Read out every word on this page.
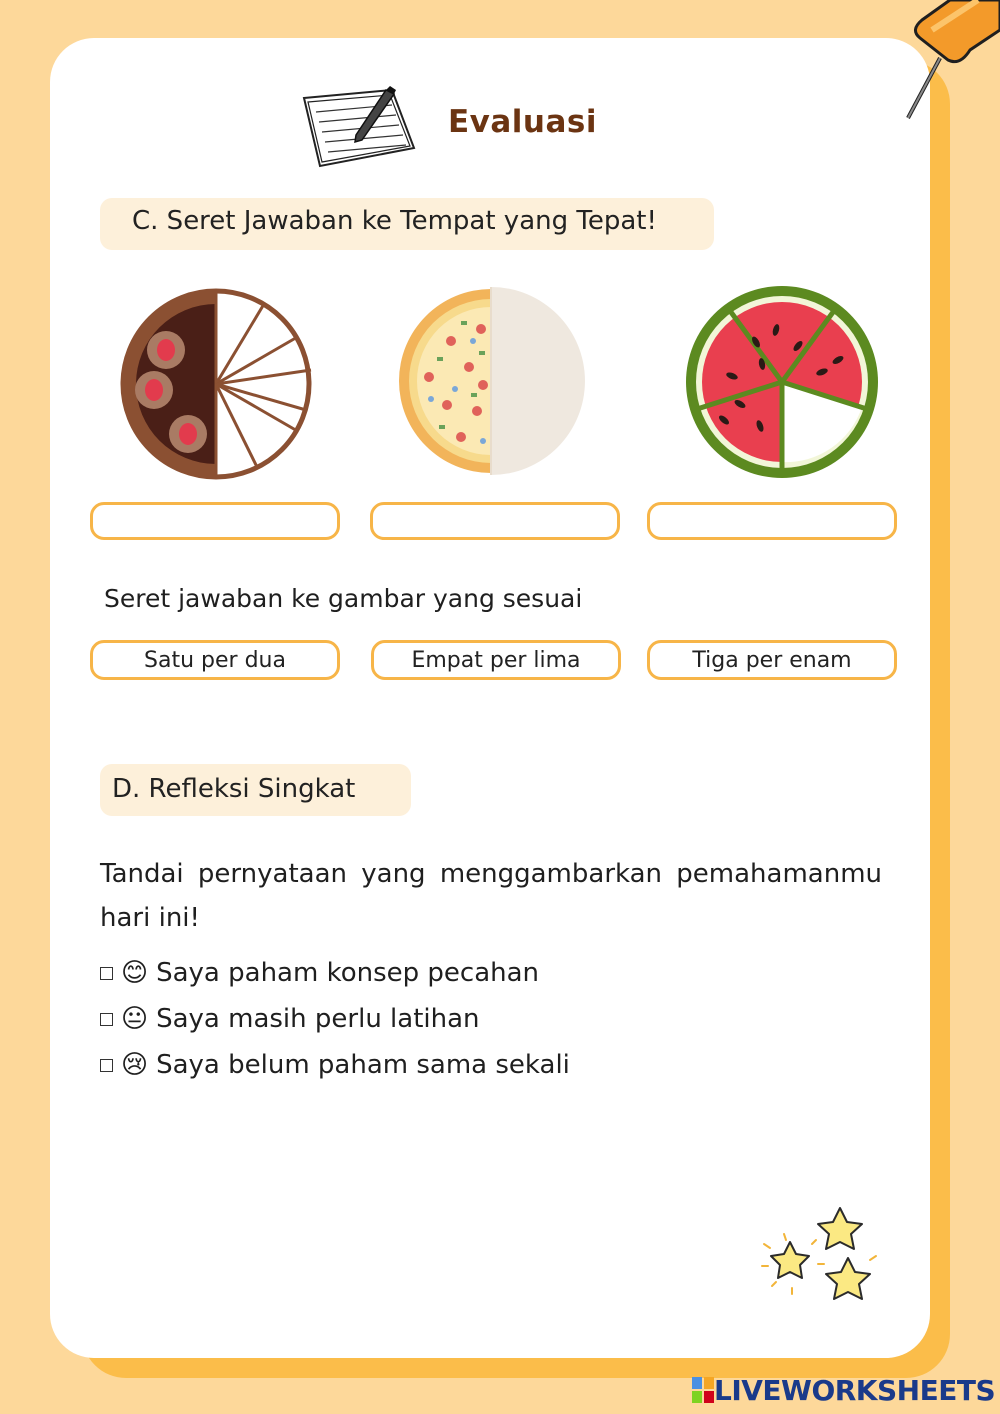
Evaluasi
C. Seret Jawaban ke Tempat yang Tepat!
Seret jawaban ke gambar yang sesuai
Satu per dua	Empat per lima	Tiga per enam
D. Refleksi Singkat
Tandai pernyataan yang menggambarkan pemahamanmu hari ini!
😊 Saya paham konsep pecahan
😐 Saya masih perlu latihan
😢 Saya belum paham sama sekali
LIVEWORKSHEETS
